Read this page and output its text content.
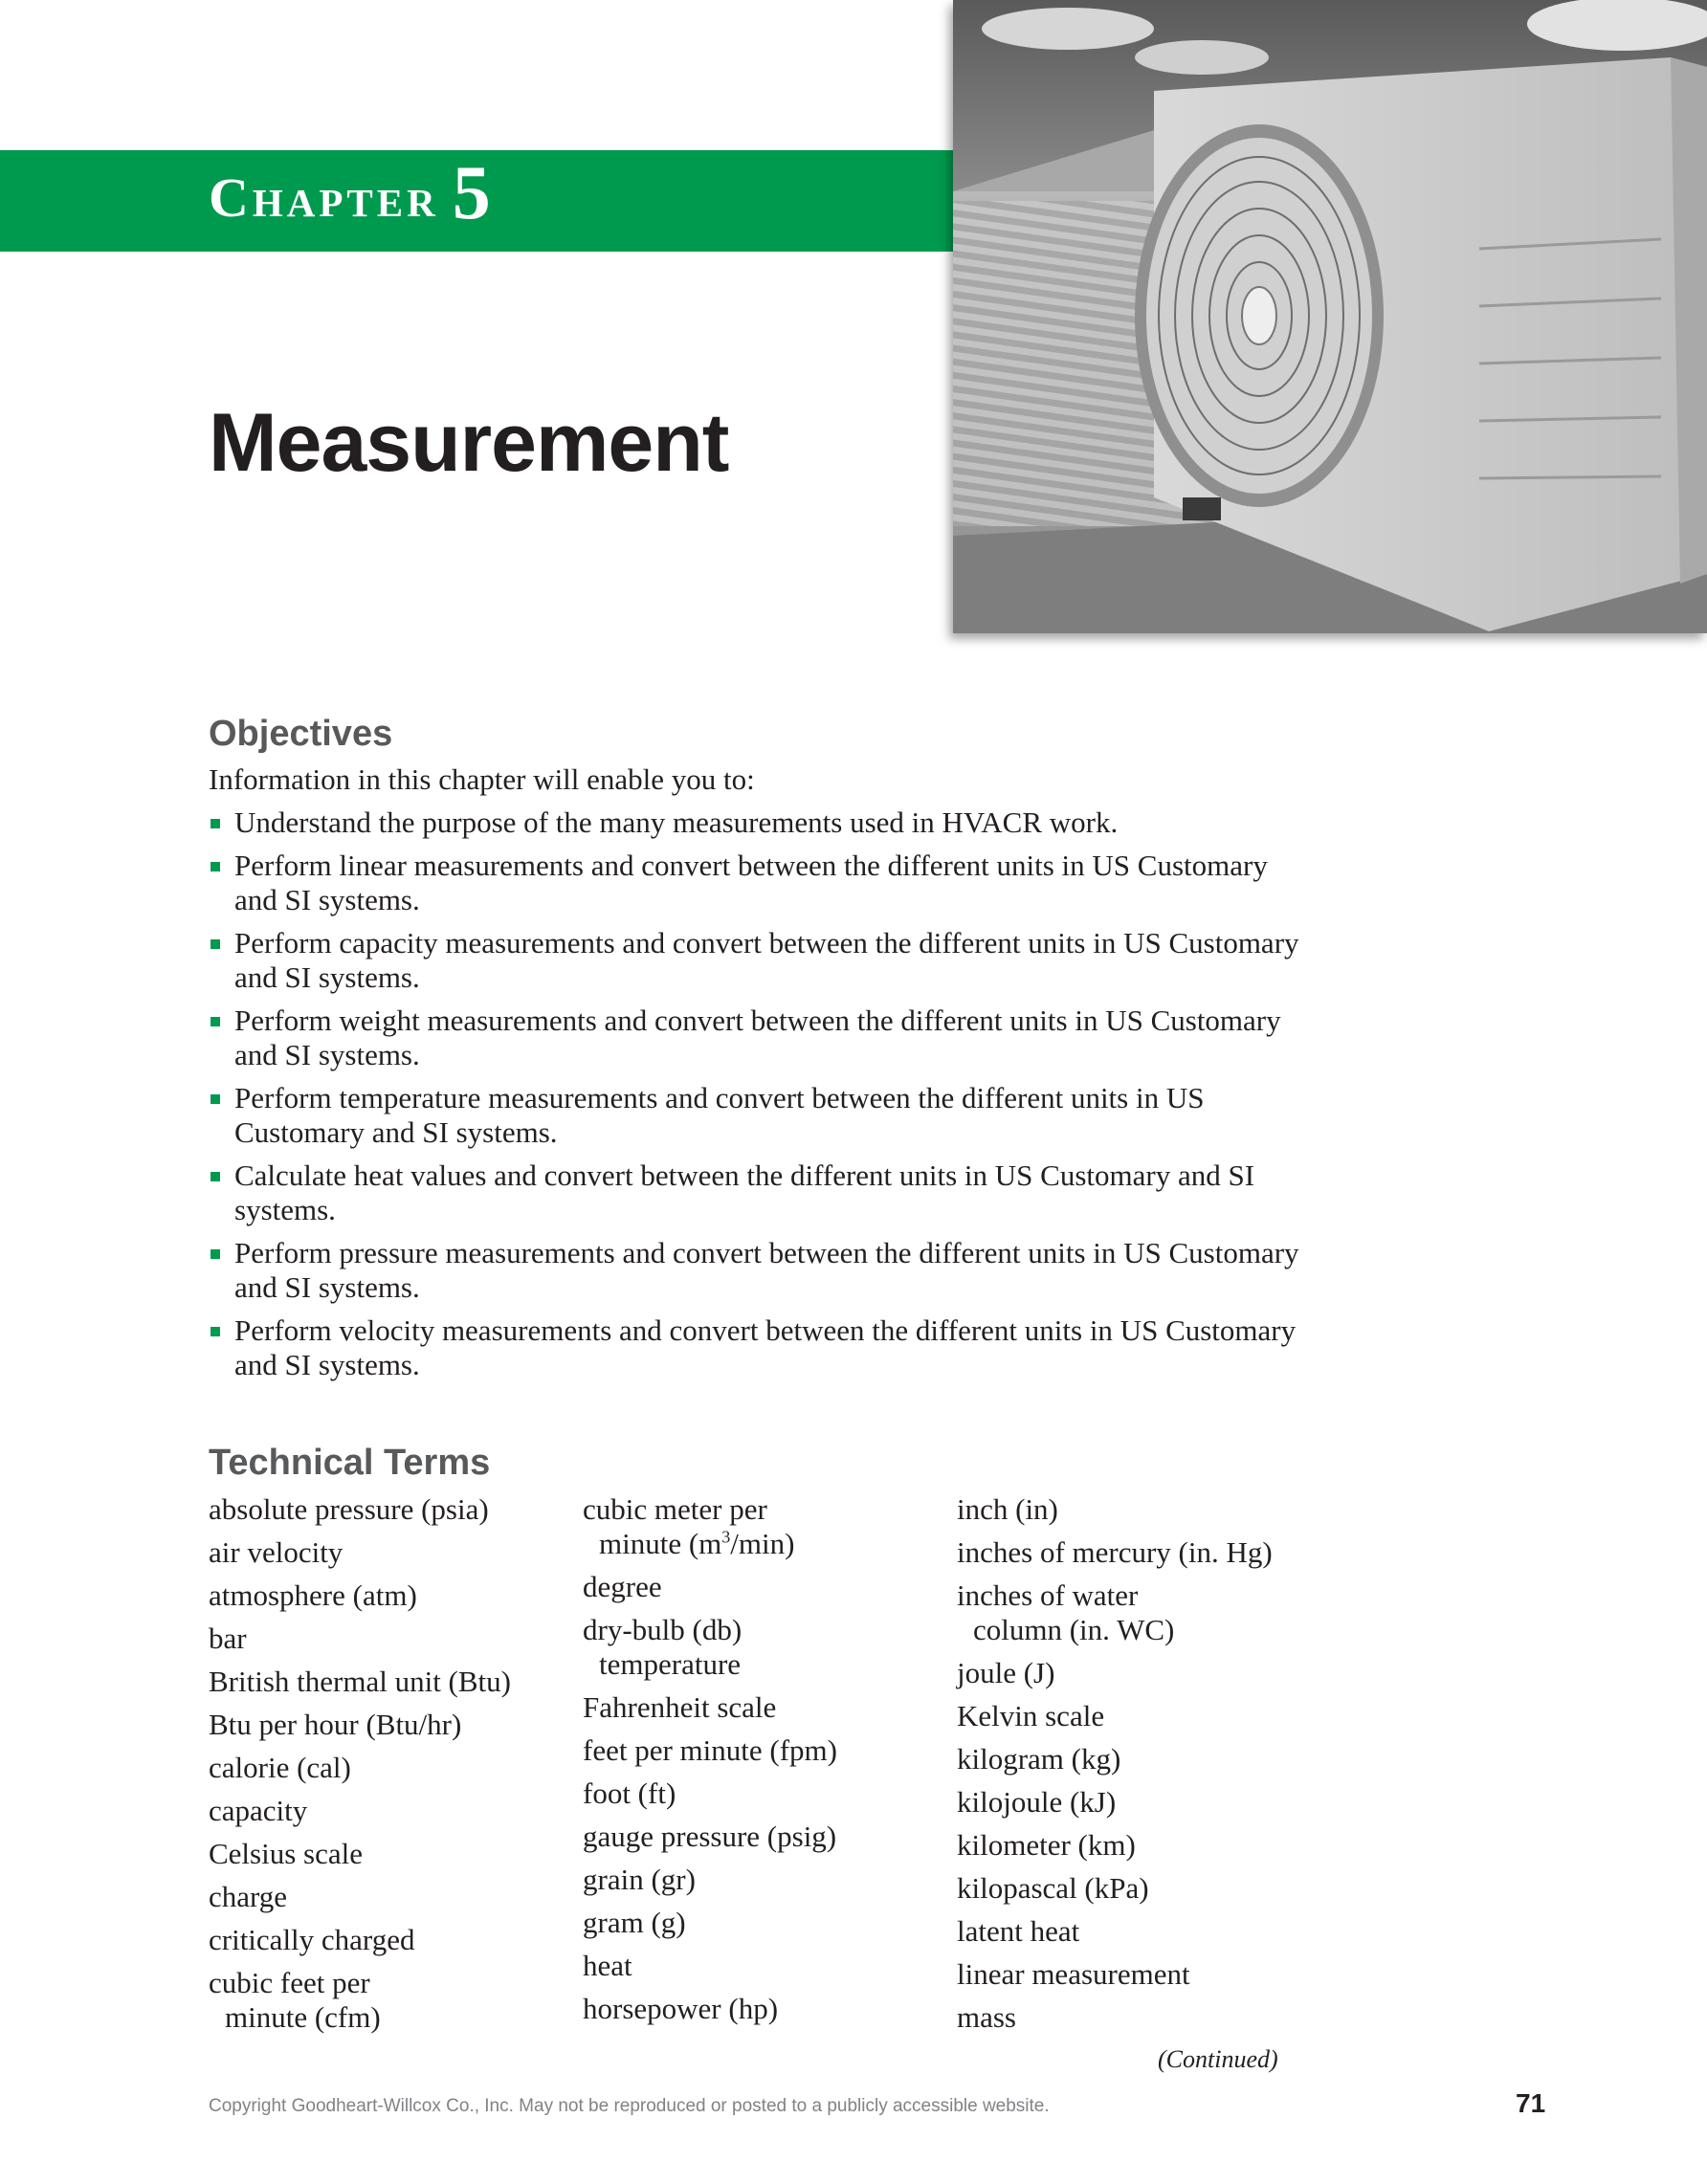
Chapter 5
Measurement
Objectives
Information in this chapter will enable you to:
Understand the purpose of the many measurements used in HVACR work.
Perform linear measurements and convert between the different units in US Customary and SI systems.
Perform capacity measurements and convert between the different units in US Customary and SI systems.
Perform weight measurements and convert between the different units in US Customary and SI systems.
Perform temperature measurements and convert between the different units in US Customary and SI systems.
Calculate heat values and convert between the different units in US Customary and SI systems.
Perform pressure measurements and convert between the different units in US Customary and SI systems.
Perform velocity measurements and convert between the different units in US Customary and SI systems.
Technical Terms
absolute pressure (psia)
air velocity
atmosphere (atm)
bar
British thermal unit (Btu)
Btu per hour (Btu/hr)
calorie (cal)
capacity
Celsius scale
charge
critically charged
cubic feet per minute (cfm)
cubic meter per minute $(m^3/\min)$
degree
dry-bulb (db) temperature
Fahrenheit scale
feet per minute (fpm)
foot (ft)
gauge pressure (psig)
grain (gr)
gram (g)
heat
horsepower (hp)
inch (in)
inches of mercury (in. Hg)
inches of water column (in. WC)
joule (J)
Kelvin scale
kilogram (kg)
kilojoule (kJ)
kilometer (km)
kilopascal (kPa)
latent heat
linear measurement
mass
(Continued)
Copyright Goodheart-Willcox Co., Inc. May not be reproduced or posted to a publicly accessible website.	71
